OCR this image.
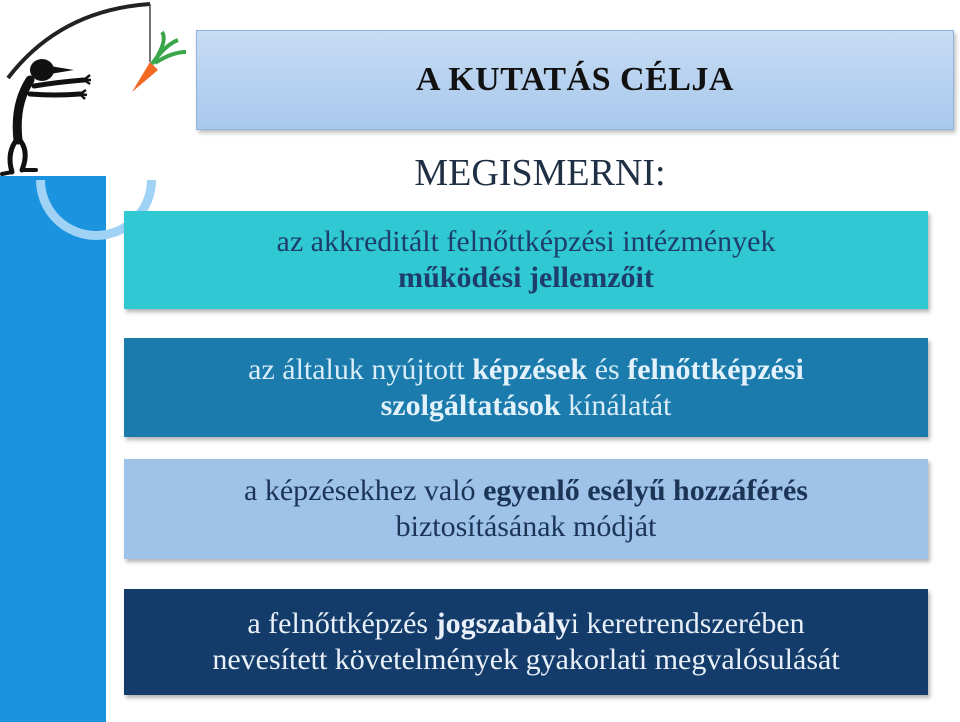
A KUTATÁS CÉLJA
MEGISMERNI:
az akkreditált felnőttképzési intézmények
működési jellemzőit
az általuk nyújtott képzések és felnőttképzési
szolgáltatások kínálatát
a képzésekhez való egyenlő esélyű hozzáférés
biztosításának módját
a felnőttképzés jogszabályi keretrendszerében
nevesített követelmények gyakorlati megvalósulását
